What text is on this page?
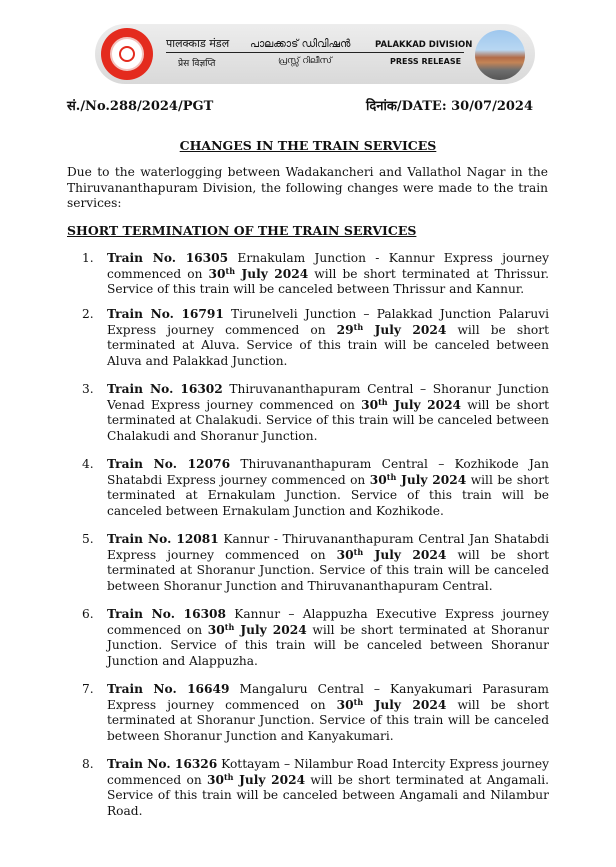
पालक्काड मंडल
प्रेस विज्ञप्ति
പാലക്കാട് ഡിവിഷൻ
പ്രസ്സ് റിലീസ്
PALAKKAD DIVISION
PRESS RELEASE
सं./No.288/2024/PGT	दिनांक/DATE: 30/07/2024
CHANGES IN THE TRAIN SERVICES
Due to the waterlogging between Wadakancheri and Vallathol Nagar in the Thiruvananthapuram Division, the following changes were made to the train services:
SHORT TERMINATION OF THE TRAIN SERVICES
1. Train No. 16305 Ernakulam Junction - Kannur Express journey commenced on 30th July 2024 will be short terminated at Thrissur. Service of this train will be canceled between Thrissur and Kannur.
2. Train No. 16791 Tirunelveli Junction – Palakkad Junction Palaruvi Express journey commenced on 29th July 2024 will be short terminated at Aluva. Service of this train will be canceled between Aluva and Palakkad Junction.
3. Train No. 16302 Thiruvananthapuram Central – Shoranur Junction Venad Express journey commenced on 30th July 2024 will be short terminated at Chalakudi. Service of this train will be canceled between Chalakudi and Shoranur Junction.
4. Train No. 12076 Thiruvananthapuram Central – Kozhikode Jan Shatabdi Express journey commenced on 30th July 2024 will be short terminated at Ernakulam Junction. Service of this train will be canceled between Ernakulam Junction and Kozhikode.
5. Train No. 12081 Kannur - Thiruvananthapuram Central Jan Shatabdi Express journey commenced on 30th July 2024 will be short terminated at Shoranur Junction. Service of this train will be canceled between Shoranur Junction and Thiruvananthapuram Central.
6. Train No. 16308 Kannur – Alappuzha Executive Express journey commenced on 30th July 2024 will be short terminated at Shoranur Junction. Service of this train will be canceled between Shoranur Junction and Alappuzha.
7. Train No. 16649 Mangaluru Central – Kanyakumari Parasuram Express journey commenced on 30th July 2024 will be short terminated at Shoranur Junction. Service of this train will be canceled between Shoranur Junction and Kanyakumari.
8. Train No. 16326 Kottayam – Nilambur Road Intercity Express journey commenced on 30th July 2024 will be short terminated at Angamali. Service of this train will be canceled between Angamali and Nilambur Road.
